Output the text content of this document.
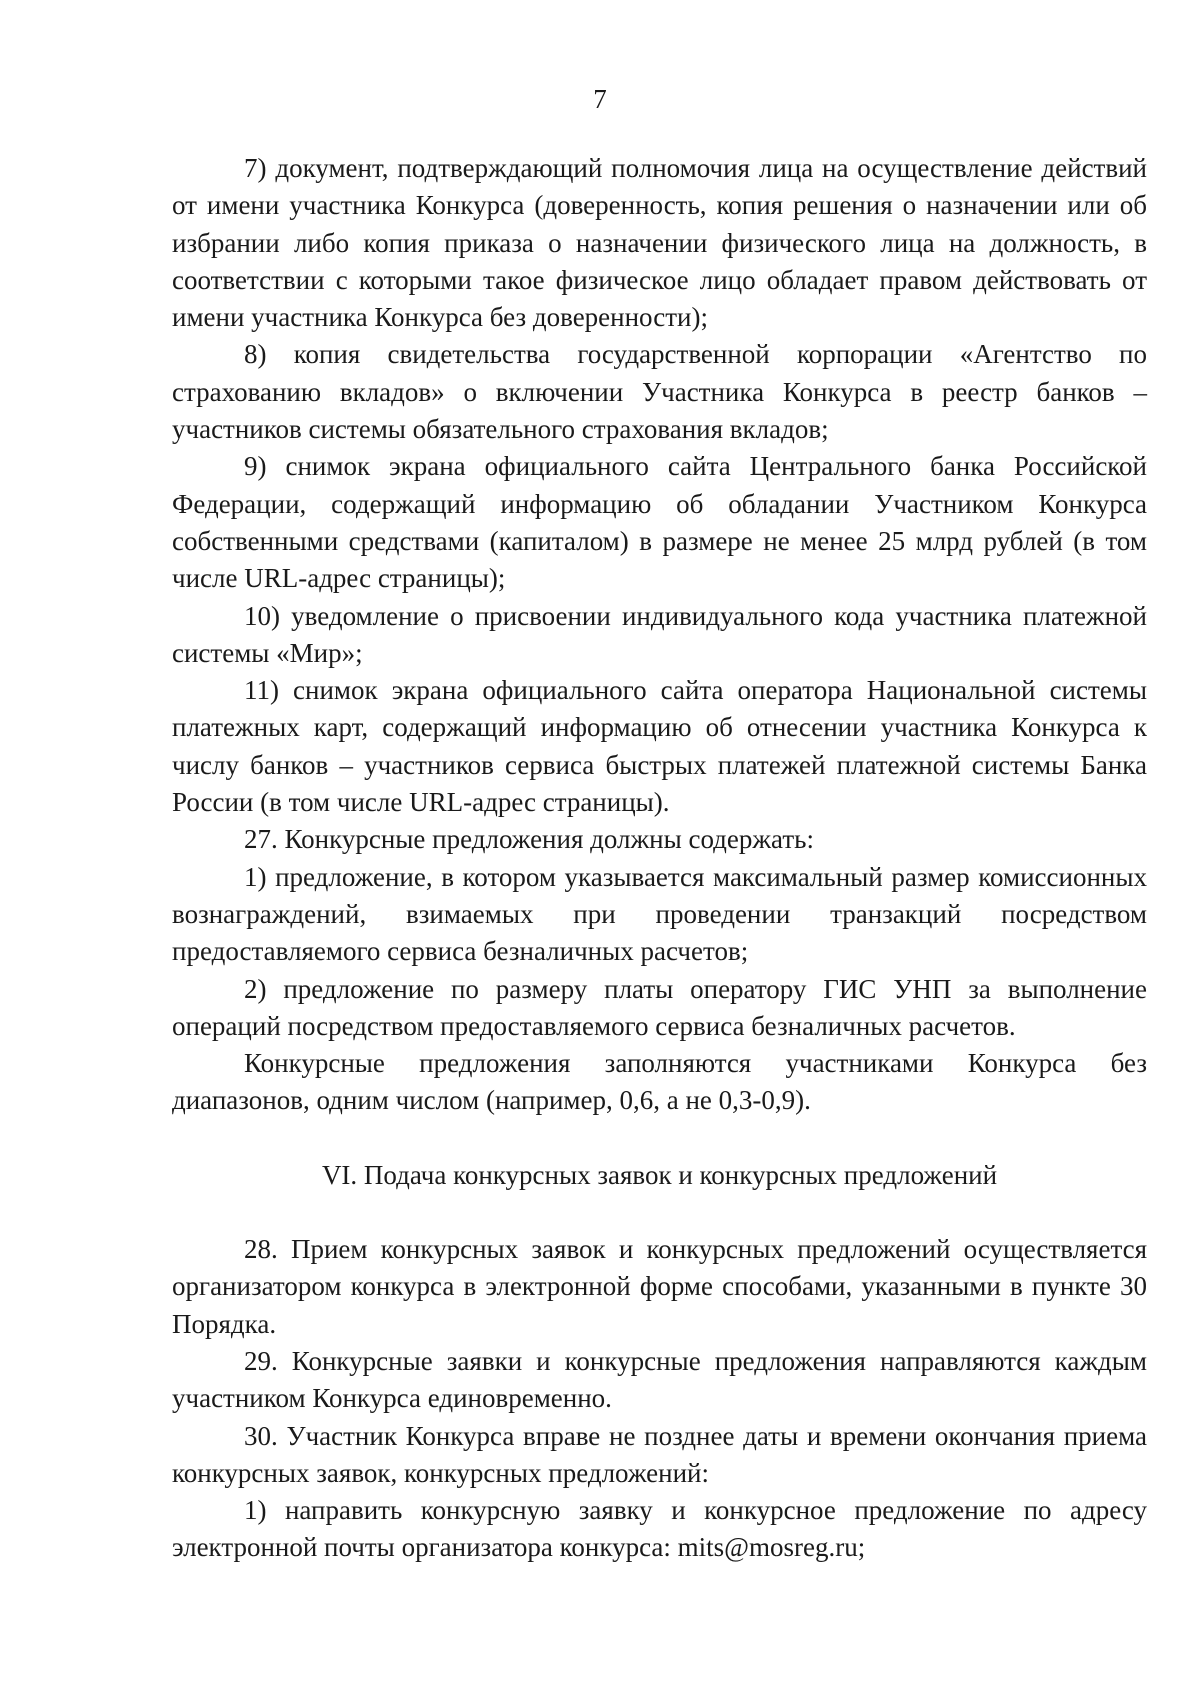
7

7) документ, подтверждающий полномочия лица на осуществление действий от имени участника Конкурса (доверенность, копия решения о назначении или об избрании либо копия приказа о назначении физического лица на должность, в соответствии с которыми такое физическое лицо обладает правом действовать от имени участника Конкурса без доверенности);

8) копия свидетельства государственной корпорации «Агентство по страхованию вкладов» о включении Участника Конкурса в реестр банков – участников системы обязательного страхования вкладов;

9) снимок экрана официального сайта Центрального банка Российской Федерации, содержащий информацию об обладании Участником Конкурса собственными средствами (капиталом) в размере не менее 25 млрд рублей (в том числе URL-адрес страницы);

10) уведомление о присвоении индивидуального кода участника платежной системы «Мир»;

11) снимок экрана официального сайта оператора Национальной системы платежных карт, содержащий информацию об отнесении участника Конкурса к числу банков – участников сервиса быстрых платежей платежной системы Банка России (в том числе URL-адрес страницы).

27. Конкурсные предложения должны содержать:

1) предложение, в котором указывается максимальный размер комиссионных вознаграждений, взимаемых при проведении транзакций посредством предоставляемого сервиса безналичных расчетов;

2) предложение по размеру платы оператору ГИС УНП за выполнение операций посредством предоставляемого сервиса безналичных расчетов.

Конкурсные предложения заполняются участниками Конкурса без диапазонов, одним числом (например, 0,6, а не 0,3-0,9).

VI. Подача конкурсных заявок и конкурсных предложений

28. Прием конкурсных заявок и конкурсных предложений осуществляется организатором конкурса в электронной форме способами, указанными в пункте 30 Порядка.

29. Конкурсные заявки и конкурсные предложения направляются каждым участником Конкурса единовременно.

30. Участник Конкурса вправе не позднее даты и времени окончания приема конкурсных заявок, конкурсных предложений:

1) направить конкурсную заявку и конкурсное предложение по адресу электронной почты организатора конкурса: mits@mosreg.ru;
